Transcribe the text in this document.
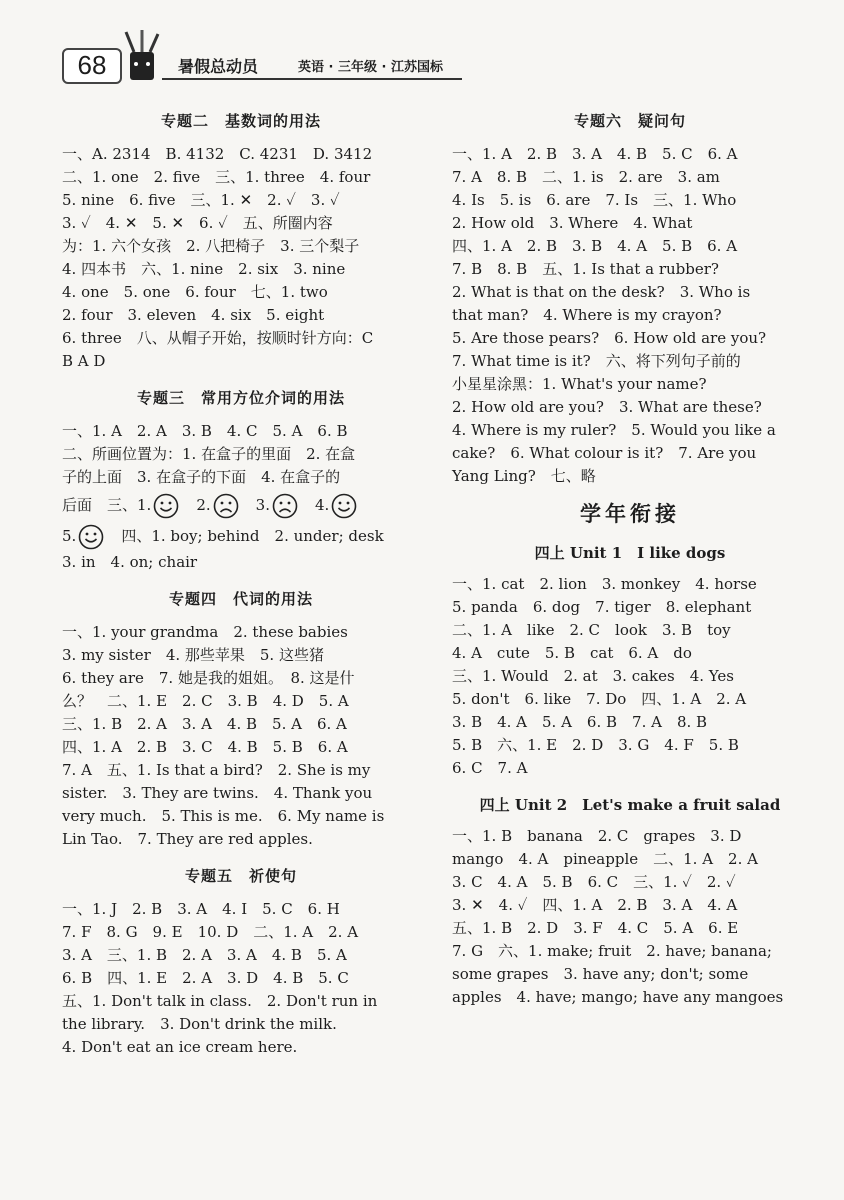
68	暑假总动员	英语 · 三年级 · 江苏国标
专题二　基数词的用法
一、A. 2314　B. 4132　C. 4231　D. 3412
二、1. one　2. five　三、1. three　4. four
5. nine　6. five　三、1. ✕　2. ✓　3. ✓
3. ✓　4. ✕　5. ✕　6. ✓　五、所圈内容
为：1. 六个女孩　2. 八把椅子　3. 三个梨子
4. 四本书　六、1. nine　2. six　3. nine
4. one　5. one　6. four　七、1. two
2. four　3. eleven　4. six　5. eight
6. three　八、从帽子开始，按顺时针方向：C
B A D
专题三　常用方位介词的用法
一、1. A　2. A　3. B　4. C　5. A　6. B
二、所画位置为：1. 在盒子的里面　2. 在盒
子的上面　3. 在盒子的下面　4. 在盒子的
后面　三、1.　	2.　	3.　	4.
5.　四、1. boy; behind　2. under; desk
3. in　4. on; chair
专题四　代词的用法
一、1. your grandma　2. these babies
3. my sister　4. 那些苹果　5. 这些猪
6. they are　7. 她是我的姐姐。　8. 这是什
么？　二、1. E　2. C　3. B　4. D　5. A
三、1. B　2. A　3. A　4. B　5. A　6. A
四、1. A　2. B　3. C　4. B　5. B　6. A
7. A　五、1. Is that a bird?　2. She is my
sister.　3. They are twins.　4. Thank you
very much.　5. This is me.　6. My name is
Lin Tao.　7. They are red apples.
专题五　祈使句
一、1. J　2. B　3. A　4. I　5. C　6. H
7. F　8. G　9. E　10. D　二、1. A　2. A
3. A　三、1. B　2. A　3. A　4. B　5. A
6. B　四、1. E　2. A　3. D　4. B　5. C
五、1. Don't talk in class.　2. Don't run in
the library.　3. Don't drink the milk.
4. Don't eat an ice cream here.
专题六　疑问句
一、1. A　2. B　3. A　4. B　5. C　6. A
7. A　8. B　二、1. is　2. are　3. am
4. Is　5. is　6. are　7. Is　三、1. Who
2. How old　3. Where　4. What
四、1. A　2. B　3. B　4. A　5. B　6. A
7. B　8. B　五、1. Is that a rubber?
2. What is that on the desk?　3. Who is
that man?　4. Where is my crayon?
5. Are those pears?　6. How old are you?
7. What time is it?　六、将下列句子前的
小星星涂黑：1. What's your name?
2. How old are you?　3. What are these?
4. Where is my ruler?　5. Would you like a
cake?　6. What colour is it?　7. Are you
Yang Ling?　七、略
学年衔接
四上 Unit 1　I like dogs
一、1. cat　2. lion　3. monkey　4. horse
5. panda　6. dog　7. tiger　8. elephant
二、1. A　like　2. C　look　3. B　toy
4. A　cute　5. B　cat　6. A　do
三、1. Would　2. at　3. cakes　4. Yes
5. don't　6. like　7. Do　四、1. A　2. A
3. B　4. A　5. A　6. B　7. A　8. B
5. B　六、1. E　2. D　3. G　4. F　5. B
6. C　7. A
四上 Unit 2　Let's make a fruit salad
一、1. B　banana　2. C　grapes　3. D
mango　4. A　pineapple　二、1. A　2. A
3. C　4. A　5. B　6. C　三、1. ✓　2. ✓
3. ✕　4. ✓　四、1. A　2. B　3. A　4. A
五、1. B　2. D　3. F　4. C　5. A　6. E
7. G　六、1. make; fruit　2. have; banana;
some grapes　3. have any; don't; some
apples　4. have; mango; have any mangoes
